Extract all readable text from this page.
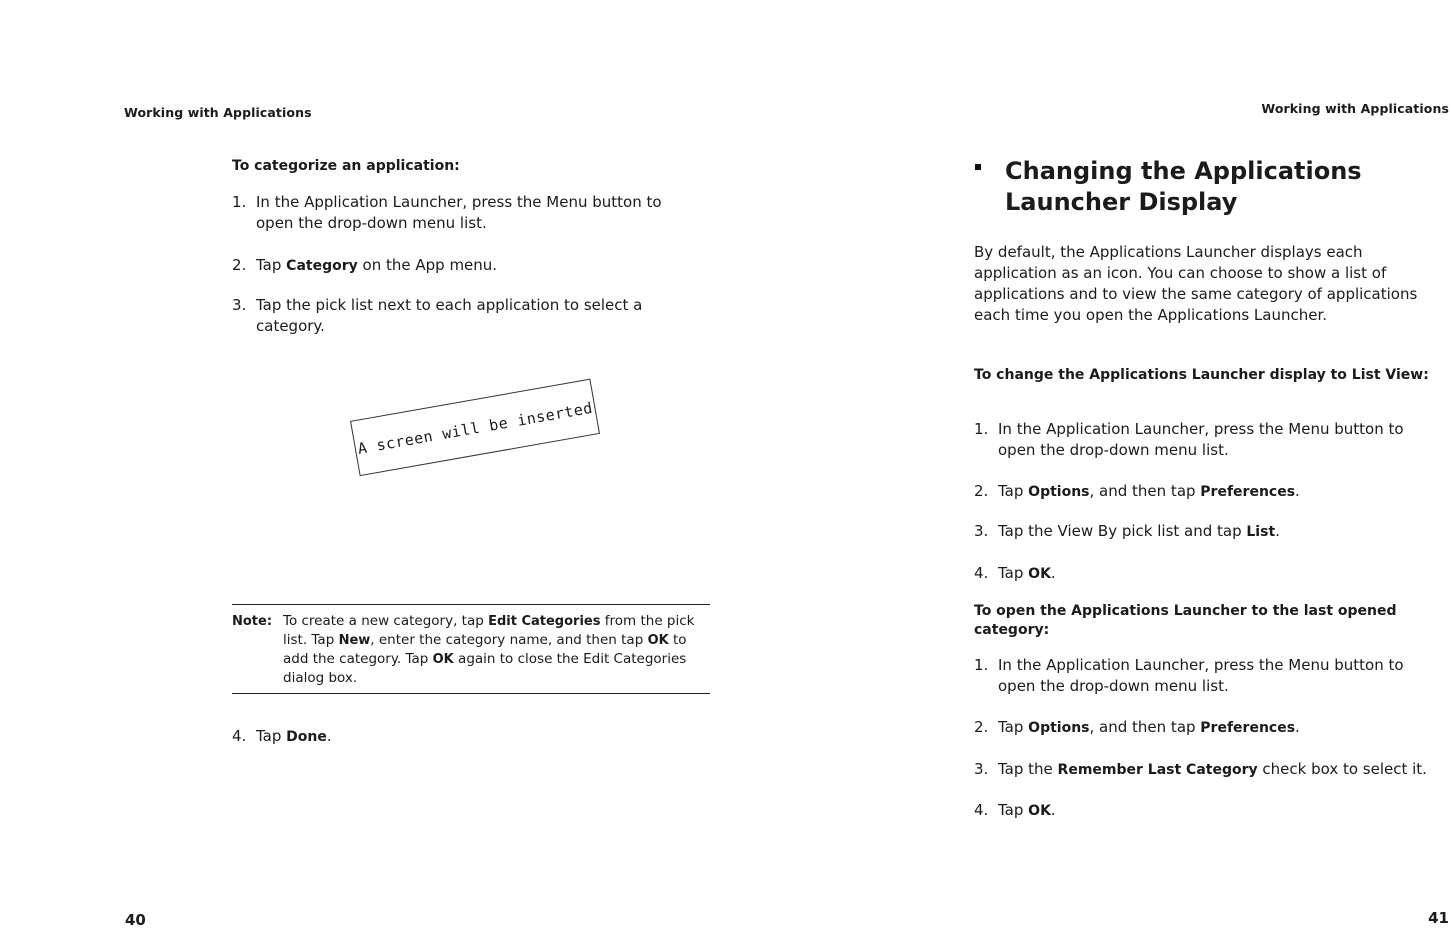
Working with Applications
To categorize an application:
1. In the Application Launcher, press the Menu button to open the drop-down menu list.
2. Tap Category on the App menu.
3. Tap the pick list next to each application to select a category.
A screen will be inserted
Note: To create a new category, tap Edit Categories from the pick list. Tap New, enter the category name, and then tap OK to add the category. Tap OK again to close the Edit Categories dialog box.
4. Tap Done.
40
Working with Applications
Changing the Applications Launcher Display
By default, the Applications Launcher displays each application as an icon. You can choose to show a list of applications and to view the same category of applications each time you open the Applications Launcher.
To change the Applications Launcher display to List View:
1. In the Application Launcher, press the Menu button to open the drop-down menu list.
2. Tap Options, and then tap Preferences.
3. Tap the View By pick list and tap List.
4. Tap OK.
To open the Applications Launcher to the last opened category:
1. In the Application Launcher, press the Menu button to open the drop-down menu list.
2. Tap Options, and then tap Preferences.
3. Tap the Remember Last Category check box to select it.
4. Tap OK.
41
